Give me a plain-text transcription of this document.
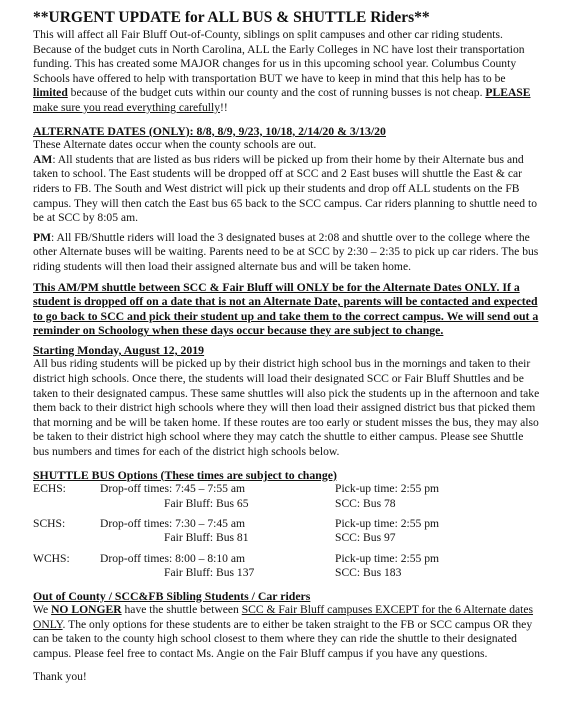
**URGENT UPDATE for ALL BUS & SHUTTLE Riders**

This will affect all Fair Bluff Out-of-County, siblings on split campuses and other car riding students. Because of the budget cuts in North Carolina, ALL the Early Colleges in NC have lost their transportation funding. This has created some MAJOR changes for us in this upcoming school year. Columbus County Schools have offered to help with transportation BUT we have to keep in mind that this help has to be limited because of the budget cuts within our county and the cost of running busses is not cheap. PLEASE make sure you read everything carefully!!

ALTERNATE DATES (ONLY): 8/8, 8/9, 9/23, 10/18, 2/14/20 & 3/13/20

These Alternate dates occur when the county schools are out.

AM: All students that are listed as bus riders will be picked up from their home by their Alternate bus and taken to school. The East students will be dropped off at SCC and 2 East buses will shuttle the East & car riders to FB. The South and West district will pick up their students and drop off ALL students on the FB campus. They will then catch the East bus 65 back to the SCC campus. Car riders planning to shuttle need to be at SCC by 8:05 am.

PM: All FB/Shuttle riders will load the 3 designated buses at 2:08 and shuttle over to the college where the other Alternate buses will be waiting. Parents need to be at SCC by 2:30 – 2:35 to pick up car riders. The bus riding students will then load their assigned alternate bus and will be taken home.

This AM/PM shuttle between SCC & Fair Bluff will ONLY be for the Alternate Dates ONLY. If a student is dropped off on a date that is not an Alternate Date, parents will be contacted and expected to go back to SCC and pick their student up and take them to the correct campus. We will send out a reminder on Schoology when these days occur because they are subject to change.

Starting Monday, August 12, 2019

All bus riding students will be picked up by their district high school bus in the mornings and taken to their district high schools. Once there, the students will load their designated SCC or Fair Bluff Shuttles and be taken to their designated campus. These same shuttles will also pick the students up in the afternoon and take them back to their district high schools where they will then load their assigned district bus that picked them that morning and be will be taken home. If these routes are too early or student misses the bus, they may also be taken to their district high school where they may catch the shuttle to either campus. Please see Shuttle bus numbers and times for each of the district high schools below.

SHUTTLE BUS Options (These times are subject to change)

ECHS:	Drop-off times: 7:45 – 7:55 am	Pick-up time: 2:55 pm
	Fair Bluff: Bus 65	SCC: Bus 78

SCHS:	Drop-off times: 7:30 – 7:45 am	Pick-up time: 2:55 pm
	Fair Bluff: Bus 81	SCC: Bus 97

WCHS:	Drop-off times: 8:00 – 8:10 am	Pick-up time: 2:55 pm
	Fair Bluff: Bus 137	SCC: Bus 183

Out of County / SCC&FB Sibling Students / Car riders

We NO LONGER have the shuttle between SCC & Fair Bluff campuses EXCEPT for the 6 Alternate dates ONLY. The only options for these students are to either be taken straight to the FB or SCC campus OR they can be taken to the county high school closest to them where they can ride the shuttle to their designated campus. Please feel free to contact Ms. Angie on the Fair Bluff campus if you have any questions.

Thank you!
